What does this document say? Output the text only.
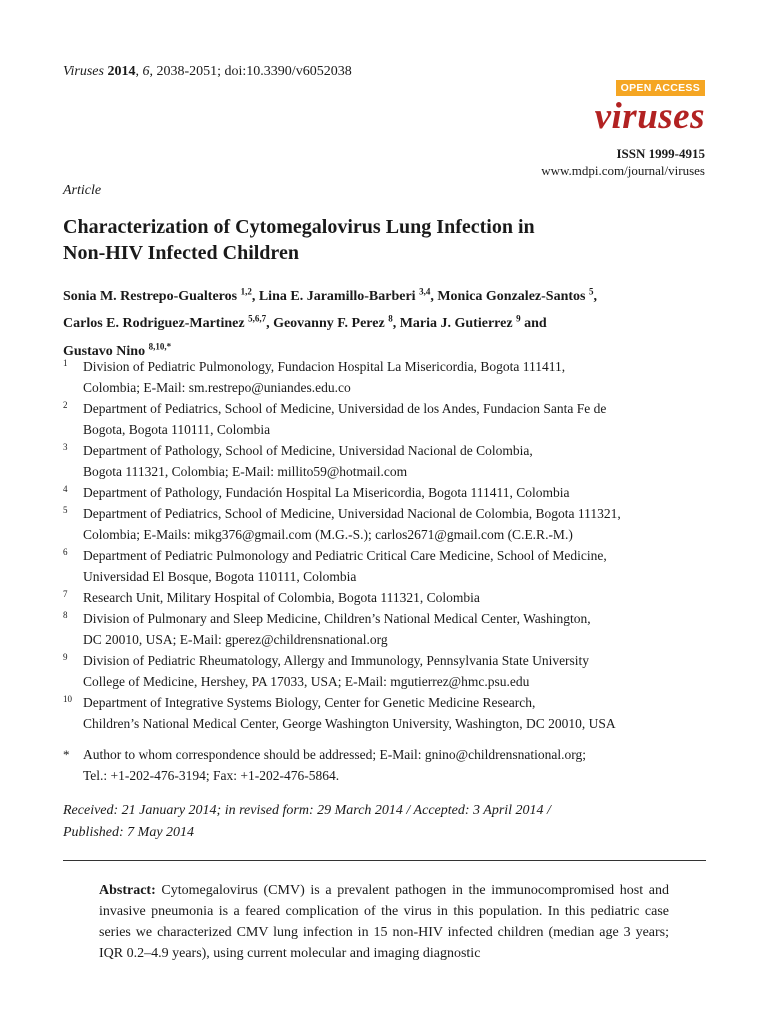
Viruses 2014, 6, 2038-2051; doi:10.3390/v6052038
OPEN ACCESS
viruses
ISSN 1999-4915
www.mdpi.com/journal/viruses
Article
Characterization of Cytomegalovirus Lung Infection in
Non-HIV Infected Children
Sonia M. Restrepo-Gualteros $^{1,2}$, Lina E. Jaramillo-Barberi $^{3,4}$, Monica Gonzalez-Santos $^5$,
Carlos E. Rodriguez-Martinez $^{5,6,7}$, Geovanny F. Perez $^8$, Maria J. Gutierrez $^9$ and
Gustavo Nino $^{8,10,*}$
1 Division of Pediatric Pulmonology, Fundacion Hospital La Misericordia, Bogota 111411,
Colombia; E-Mail: sm.restrepo@uniandes.edu.co
2 Department of Pediatrics, School of Medicine, Universidad de los Andes, Fundacion Santa Fe de
Bogota, Bogota 110111, Colombia
3 Department of Pathology, School of Medicine, Universidad Nacional de Colombia,
Bogota 111321, Colombia; E-Mail: millito59@hotmail.com
4 Department of Pathology, Fundación Hospital La Misericordia, Bogota 111411, Colombia
5 Department of Pediatrics, School of Medicine, Universidad Nacional de Colombia, Bogota 111321,
Colombia; E-Mails: mikg376@gmail.com (M.G.-S.); carlos2671@gmail.com (C.E.R.-M.)
6 Department of Pediatric Pulmonology and Pediatric Critical Care Medicine, School of Medicine,
Universidad El Bosque, Bogota 110111, Colombia
7 Research Unit, Military Hospital of Colombia, Bogota 111321, Colombia
8 Division of Pulmonary and Sleep Medicine, Children’s National Medical Center, Washington,
DC 20010, USA; E-Mail: gperez@childrensnational.org
9 Division of Pediatric Rheumatology, Allergy and Immunology, Pennsylvania State University
College of Medicine, Hershey, PA 17033, USA; E-Mail: mgutierrez@hmc.psu.edu
10 Department of Integrative Systems Biology, Center for Genetic Medicine Research,
Children’s National Medical Center, George Washington University, Washington, DC 20010, USA
* Author to whom correspondence should be addressed; E-Mail: gnino@childrensnational.org;
Tel.: +1-202-476-3194; Fax: +1-202-476-5864.
Received: 21 January 2014; in revised form: 29 March 2014 / Accepted: 3 April 2014 /
Published: 7 May 2014
Abstract: Cytomegalovirus (CMV) is a prevalent pathogen in the immunocompromised host and invasive pneumonia is a feared complication of the virus in this population. In this pediatric case series we characterized CMV lung infection in 15 non-HIV infected children (median age 3 years; IQR 0.2–4.9 years), using current molecular and imaging diagnostic
